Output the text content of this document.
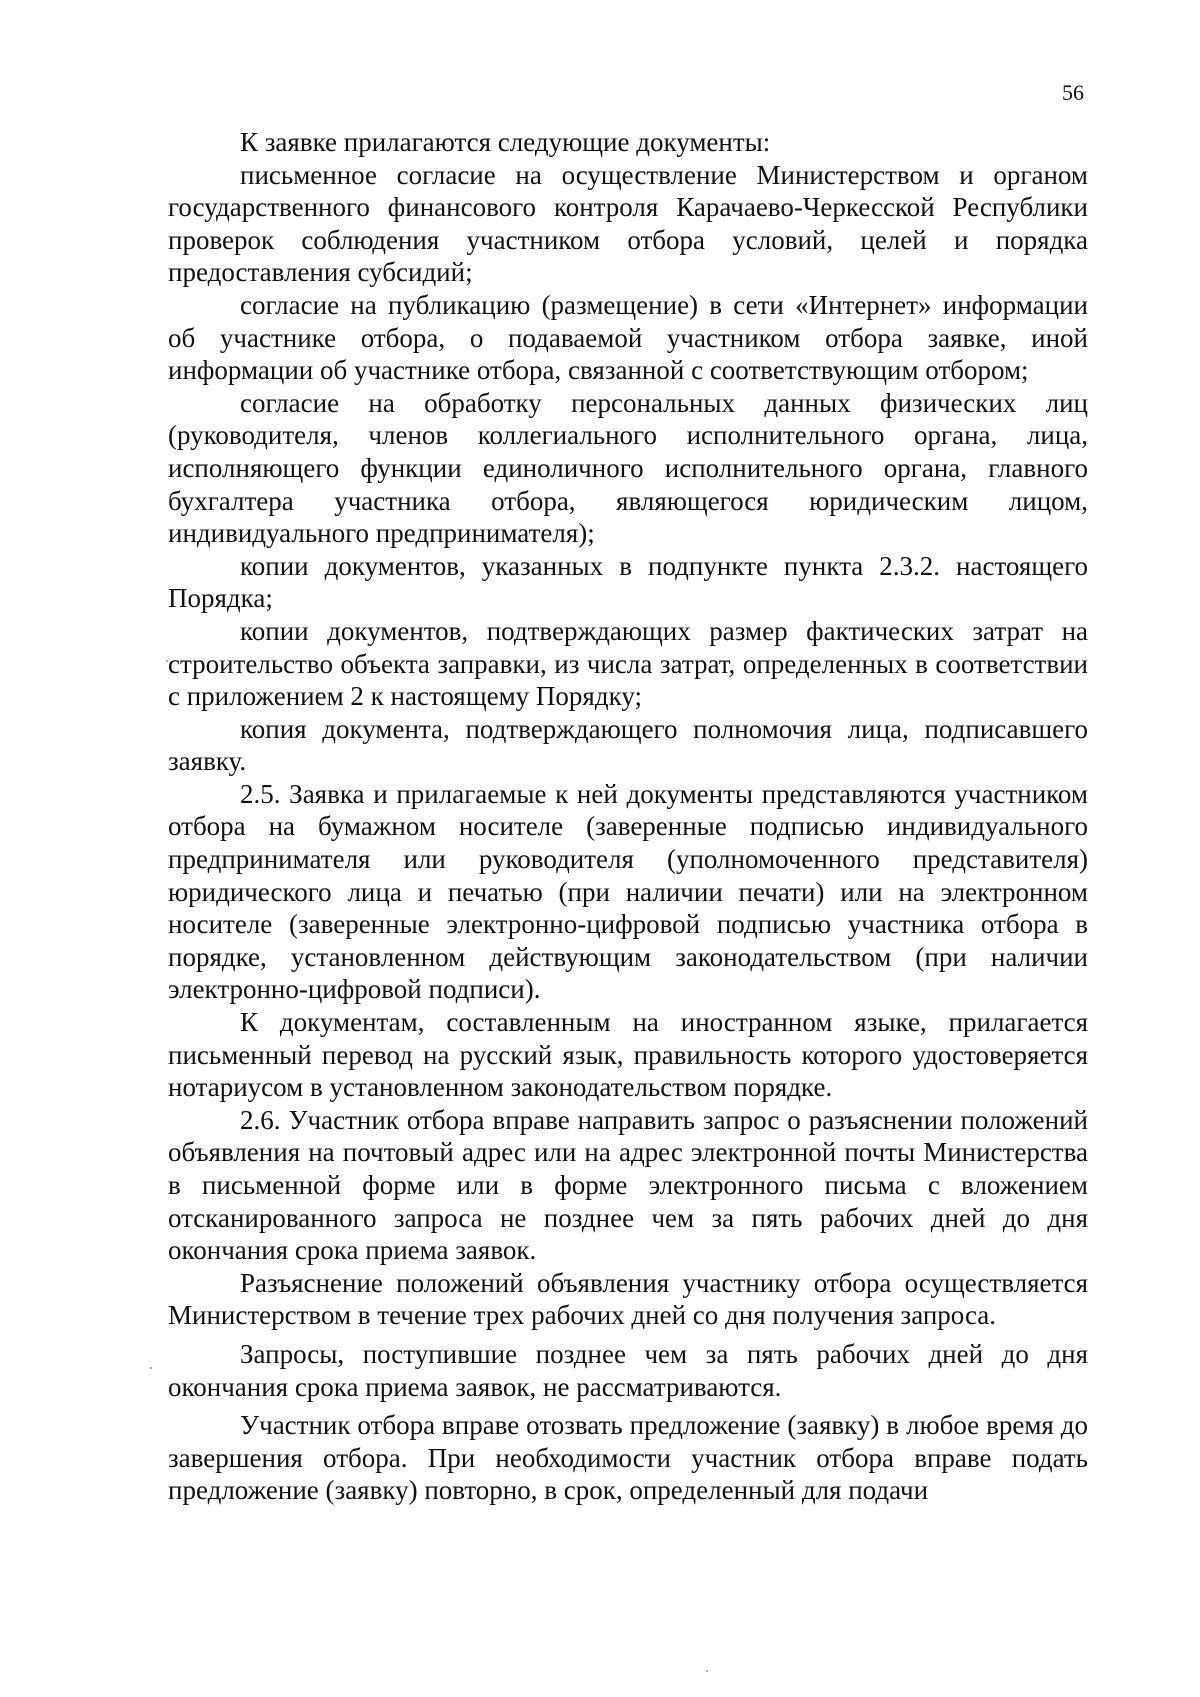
56

К заявке прилагаются следующие документы:

письменное согласие на осуществление Министерством и органом государственного финансового контроля Карачаево-Черкесской Республики проверок соблюдения участником отбора условий, целей и порядка предоставления субсидий;

согласие на публикацию (размещение) в сети «Интернет» информации об участнике отбора, о подаваемой участником отбора заявке, иной информации об участнике отбора, связанной с соответствующим отбором;

согласие на обработку персональных данных физических лиц (руководителя, членов коллегиального исполнительного органа, лица, исполняющего функции единоличного исполнительного органа, главного бухгалтера участника отбора, являющегося юридическим лицом, индивидуального предпринимателя);

копии документов, указанных в подпункте пункта 2.3.2. настоящего Порядка;

копии документов, подтверждающих размер фактических затрат на строительство объекта заправки, из числа затрат, определенных в соответствии с приложением 2 к настоящему Порядку;

копия документа, подтверждающего полномочия лица, подписавшего заявку.

2.5. Заявка и прилагаемые к ней документы представляются участником отбора на бумажном носителе (заверенные подписью индивидуального предпринимателя или руководителя (уполномоченного представителя) юридического лица и печатью (при наличии печати) или на электронном носителе (заверенные электронно-цифровой подписью участника отбора в порядке, установленном действующим законодательством (при наличии электронно-цифровой подписи).

К документам, составленным на иностранном языке, прилагается письменный перевод на русский язык, правильность которого удостоверяется нотариусом в установленном законодательством порядке.

2.6. Участник отбора вправе направить запрос о разъяснении положений объявления на почтовый адрес или на адрес электронной почты Министерства в письменной форме или в форме электронного письма с вложением отсканированного запроса не позднее чем за пять рабочих дней до дня окончания срока приема заявок.

Разъяснение положений объявления участнику отбора осуществляется Министерством в течение трех рабочих дней со дня получения запроса.

Запросы, поступившие позднее чем за пять рабочих дней до дня окончания срока приема заявок, не рассматриваются.

Участник отбора вправе отозвать предложение (заявку) в любое время до завершения отбора. При необходимости участник отбора вправе подать предложение (заявку) повторно, в срок, определенный для подачи
